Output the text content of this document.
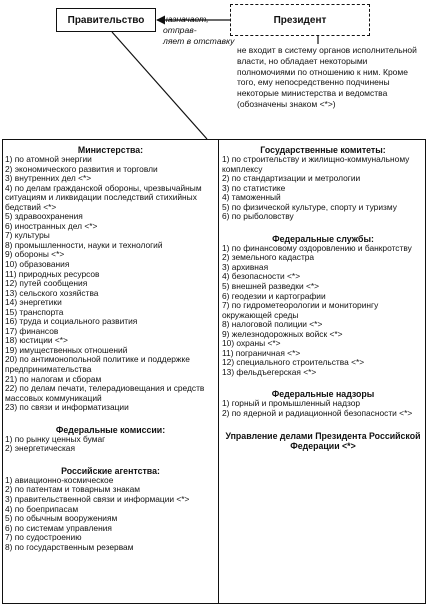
Правительство	Президент
назначает, отправ-
ляет в отставку
не входит в систему органов исполнительной власти, но обладает некоторыми полномочиями по отношению к ним. Кроме того, ему непосредственно подчинены некоторые министерства и ведомства (обозначены знаком <*>)
Министерства:
1) по атомной энергии
2) экономического развития и торговли
3) внутренних дел <*>
4) по делам гражданской обороны, чрезвычайным ситуациям и ликвидации последствий стихийных бедствий <*>
5) здравоохранения
6) иностранных дел <*>
7) культуры
8) промышленности, науки и технологий
9) обороны <*>
10) образования
11) природных ресурсов
12) путей сообщения
13) сельского хозяйства
14) энергетики
15) транспорта
16) труда и социального развития
17) финансов
18) юстиции <*>
19) имущественных отношений
20) по антимонопольной политике и поддержке предпринимательства
21) по налогам и сборам
22) по делам печати, телерадиовещания и средств массовых коммуникаций
23) по связи и информатизации
Федеральные комиссии:
1) по рынку ценных бумаг
2) энергетическая
Российские агентства:
1) авиационно-космическое
2) по патентам и товарным знакам
3) правительственной связи и информации <*>
4) по боеприпасам
5) по обычным вооружениям
6) по системам управления
7) по судостроению
8) по государственным резервам
Государственные комитеты:
1) по строительству и жилищно-коммунальному комплексу
2) по стандартизации и метрологии
3) по статистике
4) таможенный
5) по физической культуре, спорту и туризму
6) по рыболовству
Федеральные службы:
1) по финансовому оздоровлению и банкротству
2) земельного кадастра
3) архивная
4) безопасности <*>
5) внешней разведки <*>
6) геодезии и картографии
7) по гидрометеорологии и мониторингу окружающей среды
8) налоговой полиции <*>
9) железнодорожных войск <*>
10) охраны <*>
11) пограничная <*>
12) специального строительства <*>
13) фельдъегерская <*>
Федеральные надзоры
1) горный и промышленный надзор
2) по ядерной и радиационной безопасности <*>
Управление делами Президента Российской Федерации <*>
